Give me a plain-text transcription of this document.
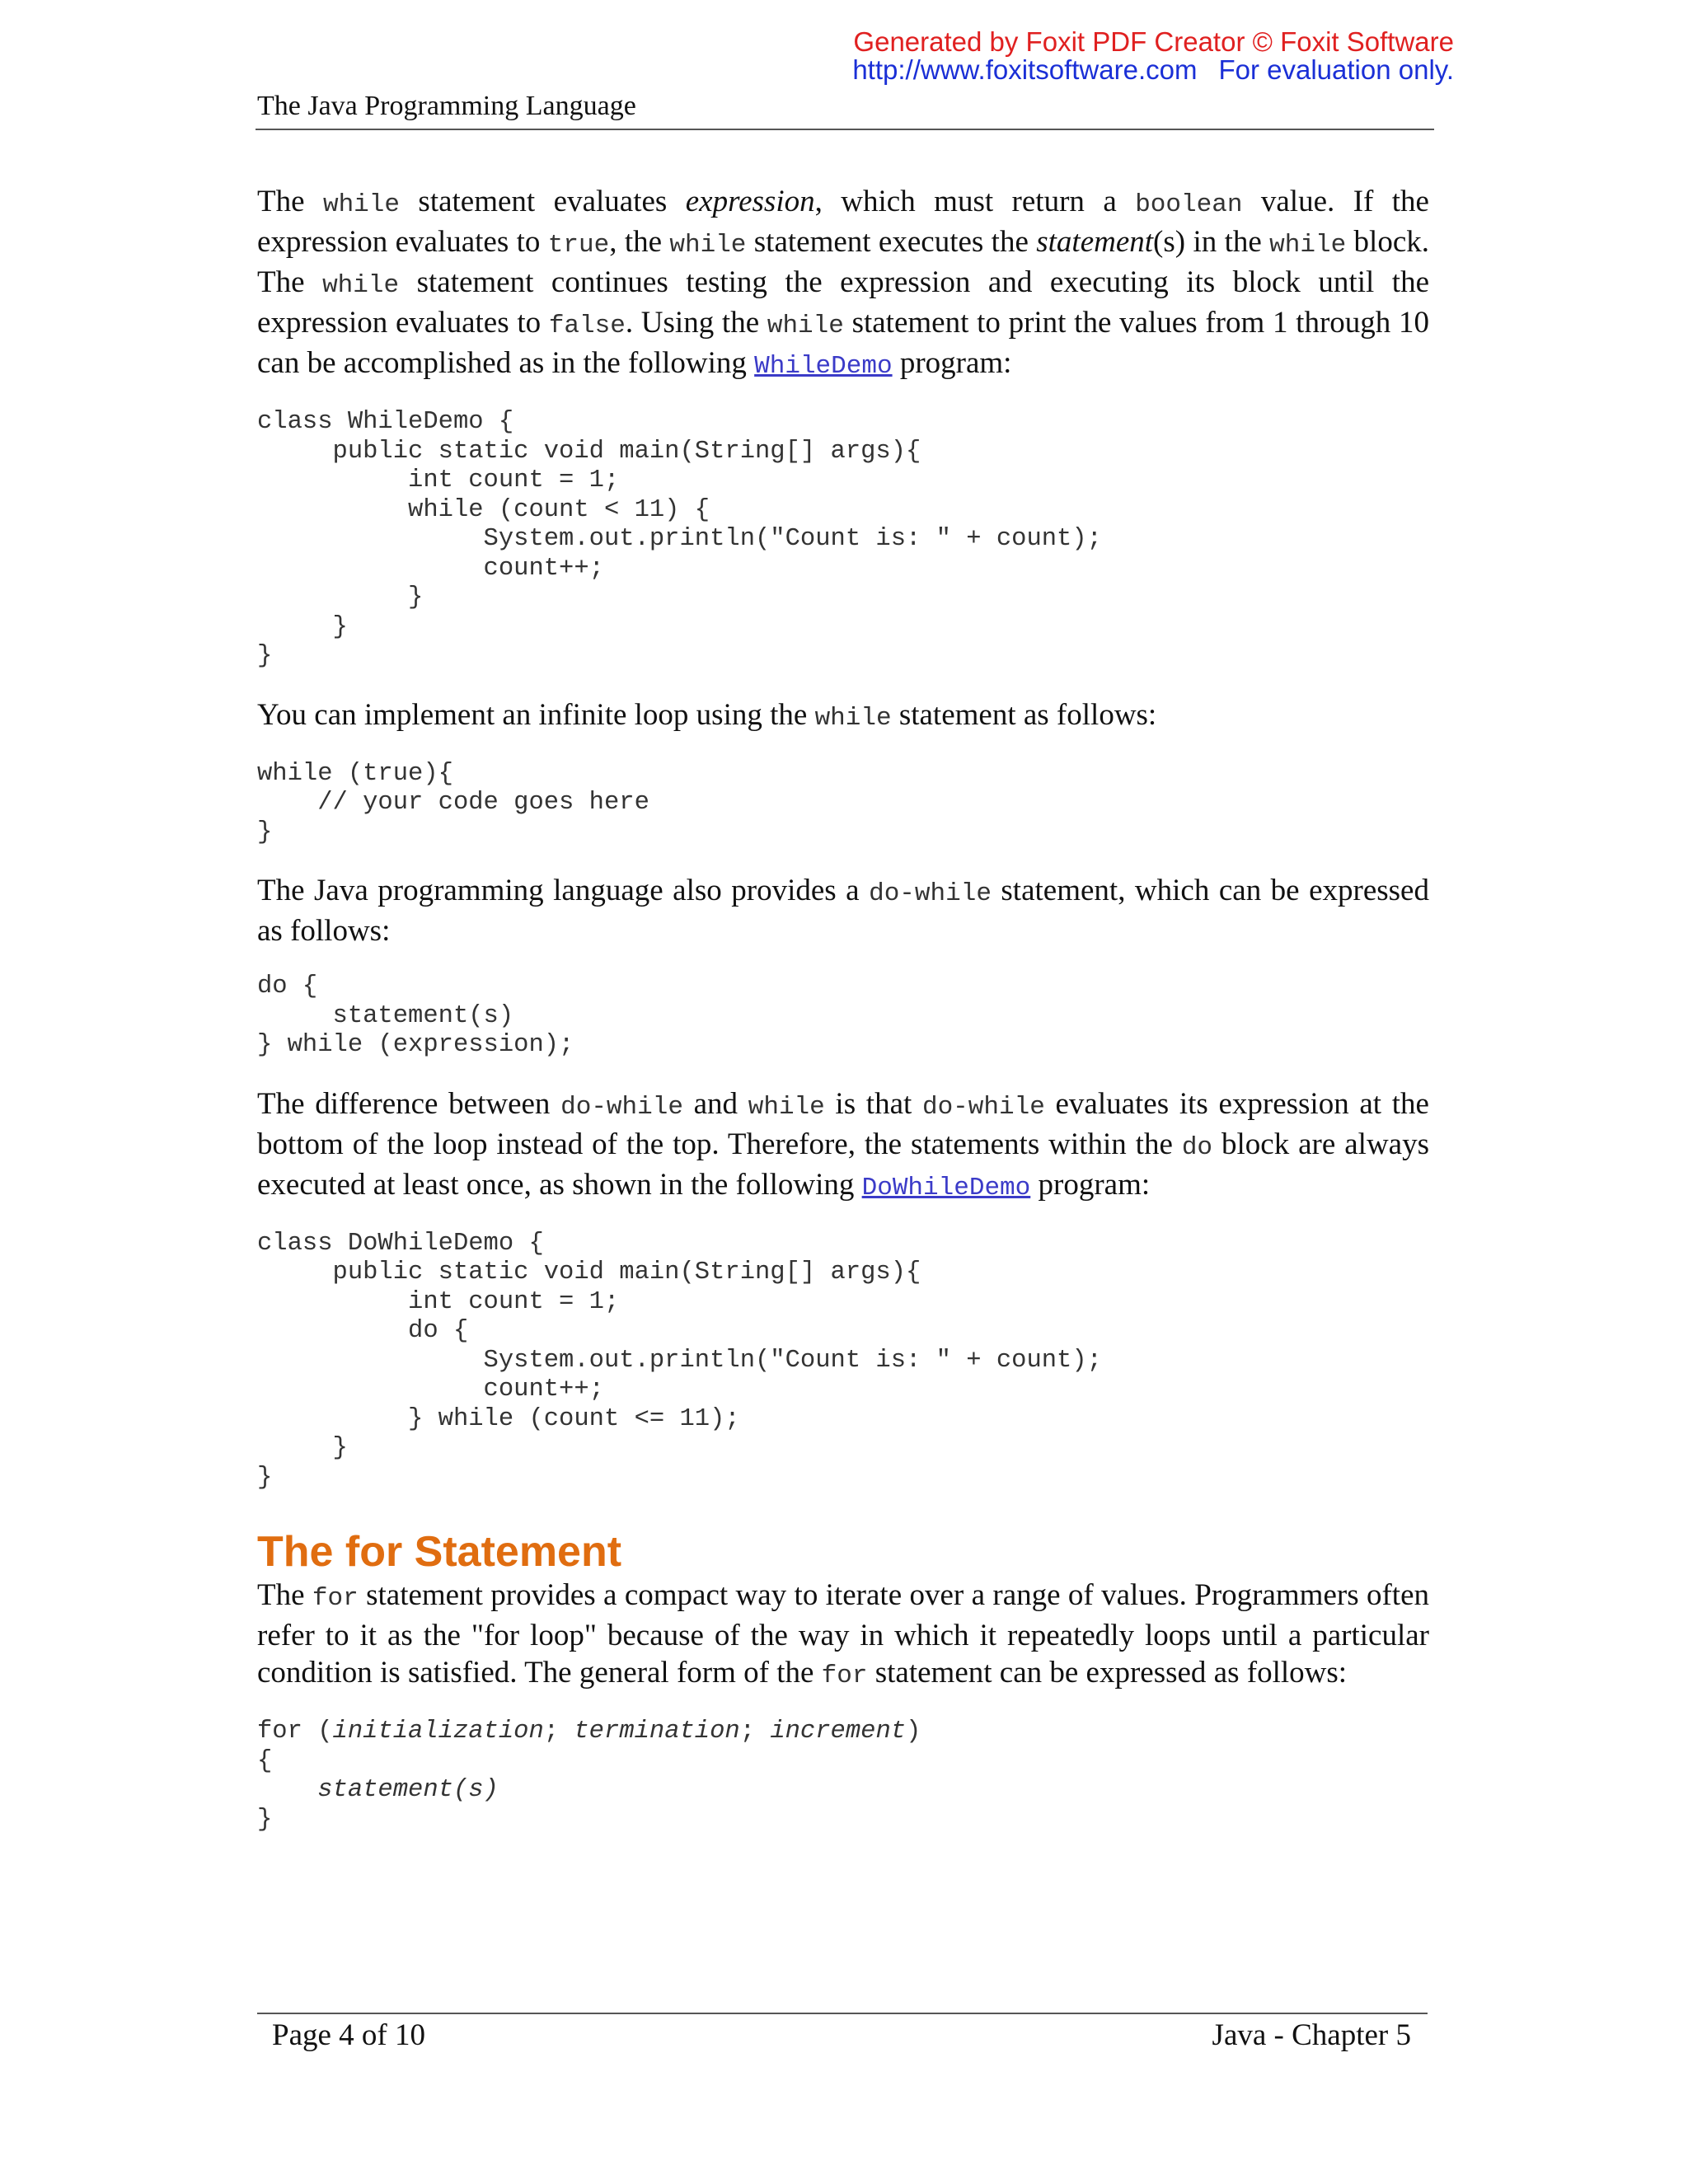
Generated by Foxit PDF Creator © Foxit Software
http://www.foxitsoftware.com For evaluation only.
The Java Programming Language

The while statement evaluates expression, which must return a boolean value. If the expression evaluates to true, the while statement executes the statement(s) in the while block. The while statement continues testing the expression and executing its block until the expression evaluates to false. Using the while statement to print the values from 1 through 10 can be accomplished as in the following WhileDemo program:

class WhileDemo {
public static void main(String[] args){
int count = 1;
while (count < 11) {
System.out.println("Count is: " + count);
count++;
}
}
}

You can implement an infinite loop using the while statement as follows:

while (true){
// your code goes here
}

The Java programming language also provides a do-while statement, which can be expressed as follows:

do {
statement(s)
} while (expression);

The difference between do-while and while is that do-while evaluates its expression at the bottom of the loop instead of the top. Therefore, the statements within the do block are always executed at least once, as shown in the following DoWhileDemo program:

class DoWhileDemo {
public static void main(String[] args){
int count = 1;
do {
System.out.println("Count is: " + count);
count++;
} while (count <= 11);
}
}
The for Statement

The for statement provides a compact way to iterate over a range of values. Programmers often refer to it as the "for loop" because of the way in which it repeatedly loops until a particular condition is satisfied. The general form of the for statement can be expressed as follows:

for (initialization; termination; increment)
{
statement(s)
}
Page 4 of 10	Java - Chapter 5
